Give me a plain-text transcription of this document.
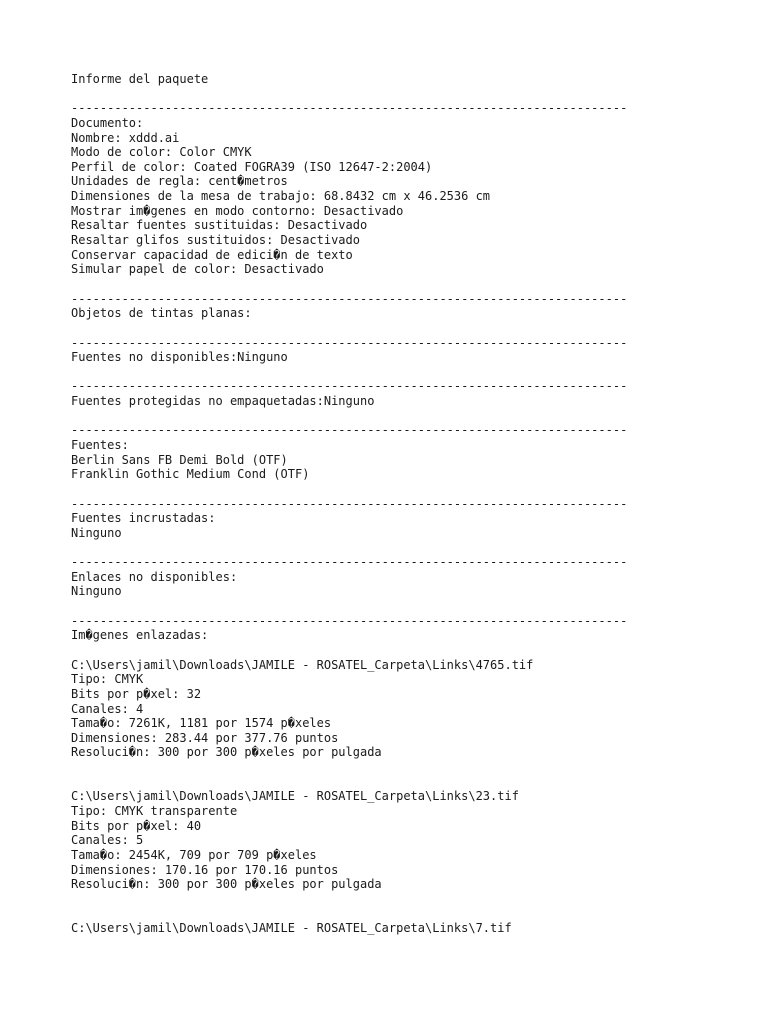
Informe del paquete
-----------------------------------------------------------------------------
Documento:
Nombre: xddd.ai
Modo de color: Color CMYK
Perfil de color: Coated FOGRA39 (ISO 12647-2:2004)
Unidades de regla: cent�metros
Dimensiones de la mesa de trabajo: 68.8432 cm x 46.2536 cm
Mostrar im�genes en modo contorno: Desactivado
Resaltar fuentes sustituidas: Desactivado
Resaltar glifos sustituidos: Desactivado
Conservar capacidad de edici�n de texto
Simular papel de color: Desactivado
-----------------------------------------------------------------------------
Objetos de tintas planas:
-----------------------------------------------------------------------------
Fuentes no disponibles:Ninguno
-----------------------------------------------------------------------------
Fuentes protegidas no empaquetadas:Ninguno
-----------------------------------------------------------------------------
Fuentes:
Berlin Sans FB Demi Bold (OTF)
Franklin Gothic Medium Cond (OTF)
-----------------------------------------------------------------------------
Fuentes incrustadas:
Ninguno
-----------------------------------------------------------------------------
Enlaces no disponibles:
Ninguno
-----------------------------------------------------------------------------
Im�genes enlazadas:
C:\Users\jamil\Downloads\JAMILE - ROSATEL_Carpeta\Links\4765.tif
Tipo: CMYK
Bits por p�xel: 32
Canales: 4
Tama�o: 7261K, 1181 por 1574 p�xeles
Dimensiones: 283.44 por 377.76 puntos
Resoluci�n: 300 por 300 p�xeles por pulgada
C:\Users\jamil\Downloads\JAMILE - ROSATEL_Carpeta\Links\23.tif
Tipo: CMYK transparente
Bits por p�xel: 40
Canales: 5
Tama�o: 2454K, 709 por 709 p�xeles
Dimensiones: 170.16 por 170.16 puntos
Resoluci�n: 300 por 300 p�xeles por pulgada
C:\Users\jamil\Downloads\JAMILE - ROSATEL_Carpeta\Links\7.tif
